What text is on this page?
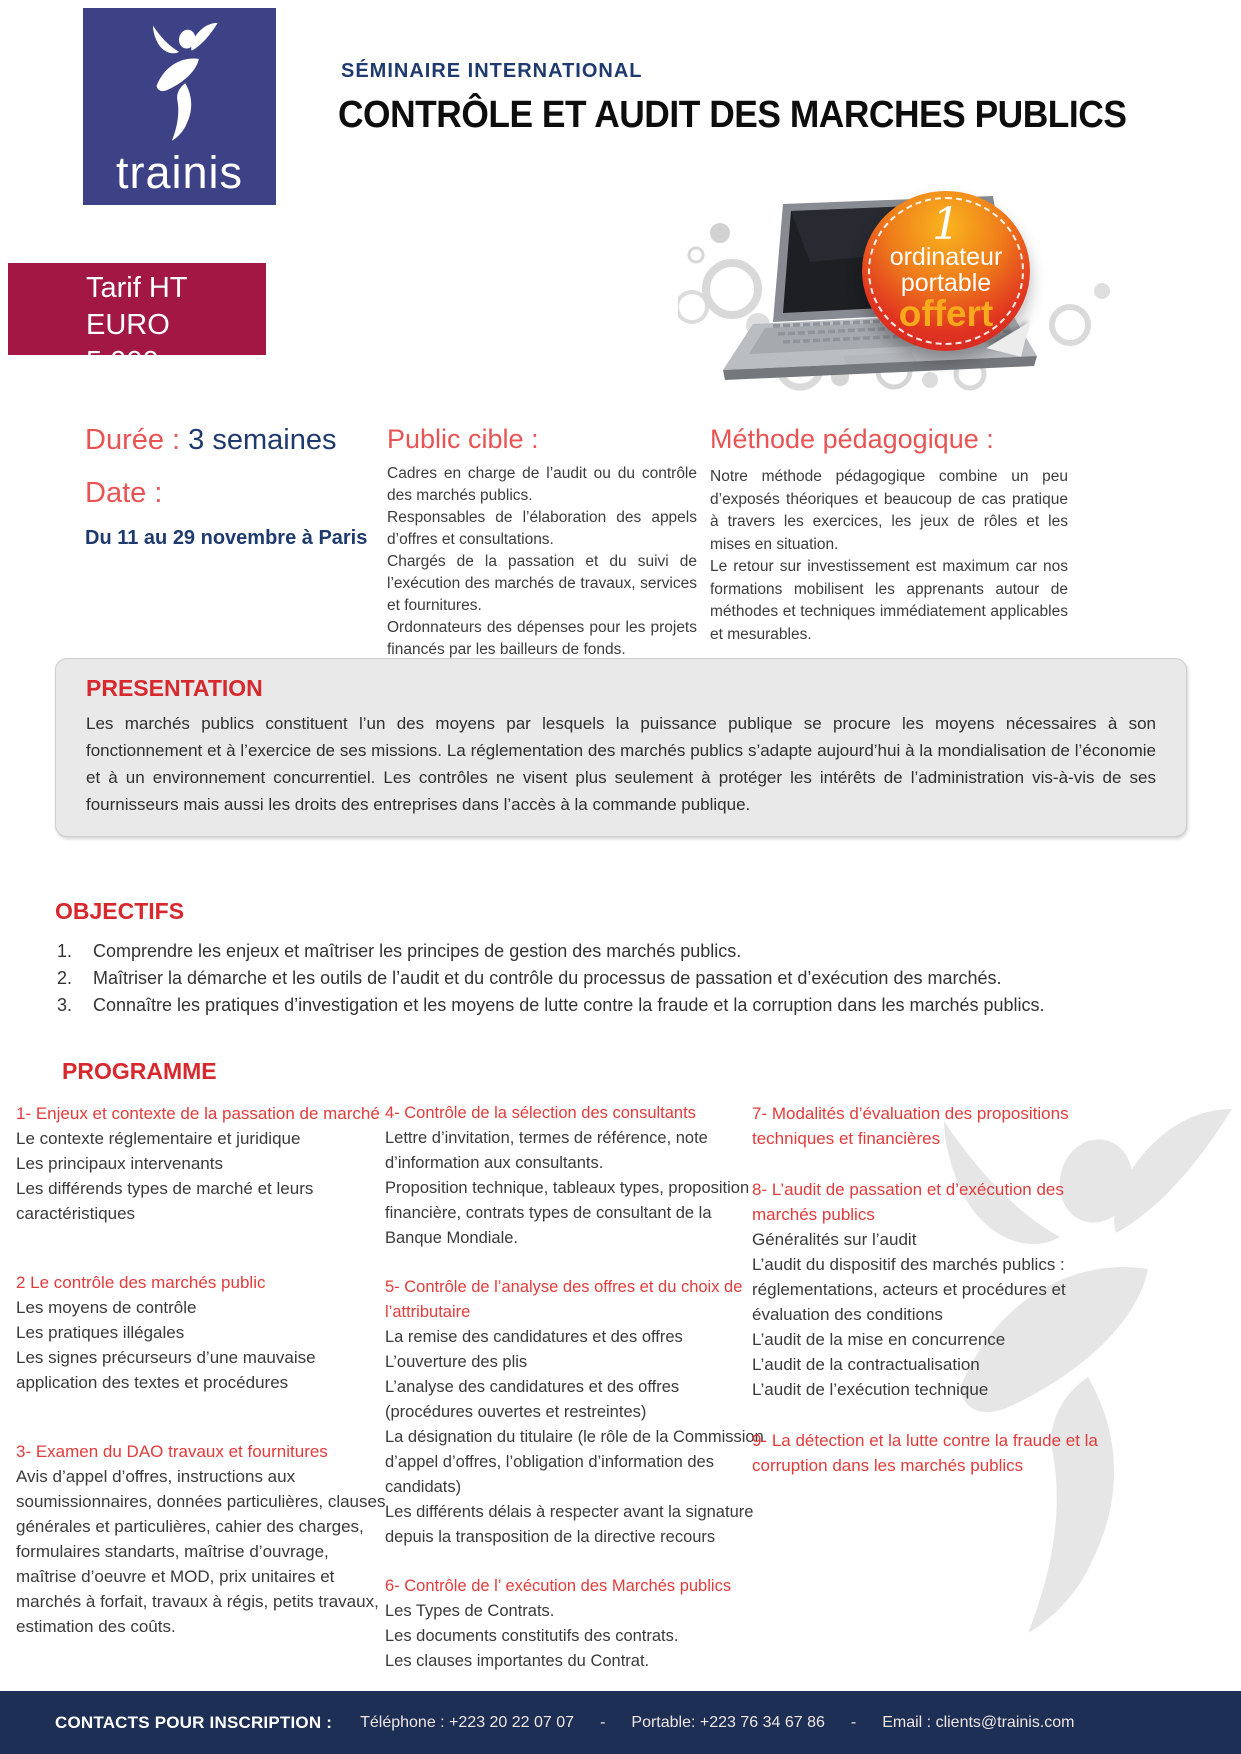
trainis
SÉMINAIRE INTERNATIONAL
CONTRÔLE ET AUDIT DES MARCHES PUBLICS
Tarif HT EURO
5 000
1
ordinateur
portable
offert
Durée : 3 semaines
Date :
Du 11 au 29 novembre à Paris
Public cible :
Cadres en charge de l’audit ou du contrôle des marchés publics.
Responsables de l’élaboration des appels d’offres et consultations.
Chargés de la passation et du suivi de l’exécution des marchés de travaux, services et fournitures.
Ordonnateurs des dépenses pour les projets financés par les bailleurs de fonds.
Méthode pédagogique :
Notre méthode pédagogique combine un peu d’exposés théoriques et beaucoup de cas pratique à travers les exercices, les jeux de rôles et les mises en situation.
Le retour sur investissement est maximum car nos formations mobilisent les apprenants autour de méthodes et techniques immédiatement applicables et mesurables.
PRESENTATION
Les marchés publics constituent l’un des moyens par lesquels la puissance publique se procure les moyens nécessaires à son fonctionnement et à l’exercice de ses missions. La réglementation des marchés publics s’adapte aujourd’hui à la mondialisation de l’économie et à un environnement concurrentiel. Les contrôles ne visent plus seulement à protéger les intérêts de l’administration vis-à-vis de ses fournisseurs mais aussi les droits des entreprises dans l’accès à la commande publique.
OBJECTIFS
1.	Comprendre les enjeux et maîtriser les principes de gestion des marchés publics.
2.	Maîtriser la démarche et les outils de l’audit et du contrôle du processus de passation et d’exécution des marchés.
3.	Connaître les pratiques d’investigation et les moyens de lutte contre la fraude et la corruption dans les marchés publics.
PROGRAMME
1- Enjeux et contexte de la passation de marché
Le contexte réglementaire et juridique
Les principaux intervenants
Les différends types de marché et leurs caractéristiques
2 Le contrôle des marchés public
Les moyens de contrôle
Les pratiques illégales
Les signes précurseurs d’une mauvaise application des textes et procédures
3- Examen du DAO travaux et fournitures
Avis d’appel d’offres, instructions aux soumissionnaires, données particulières, clauses générales et particulières, cahier des charges, formulaires standarts, maîtrise d’ouvrage, maîtrise d’oeuvre et MOD, prix unitaires et marchés à forfait, travaux à régis, petits travaux, estimation des coûts.
4- Contrôle de la sélection des consultants
Lettre d’invitation, termes de référence, note d’information aux consultants.
Proposition technique, tableaux types, proposition financière, contrats types de consultant de la Banque Mondiale.
5- Contrôle de l’analyse des offres et du choix de l’attributaire
La remise des candidatures et des offres
L’ouverture des plis
L’analyse des candidatures et des offres (procédures ouvertes et restreintes)
La désignation du titulaire (le rôle de la Commission d’appel d’offres, l’obligation d’information des candidats)
Les différents délais à respecter avant la signature depuis la transposition de la directive recours
6- Contrôle de l’ exécution des Marchés publics
Les Types de Contrats.
Les documents constitutifs des contrats.
Les clauses importantes du Contrat.
7- Modalités d’évaluation des propositions techniques et financières
8- L’audit de passation et d’exécution des marchés publics
Généralités sur l’audit
L’audit du dispositif des marchés publics : réglementations, acteurs et procédures et évaluation des conditions
L’audit de la mise en concurrence
L’audit de la contractualisation
L’audit de l’exécution technique
9- La détection et la lutte contre la fraude et la corruption dans les marchés publics
CONTACTS POUR INSCRIPTION : Téléphone : +223 20 22 07 07 - Portable: +223 76 34 67 86 - Email : clients@trainis.com
